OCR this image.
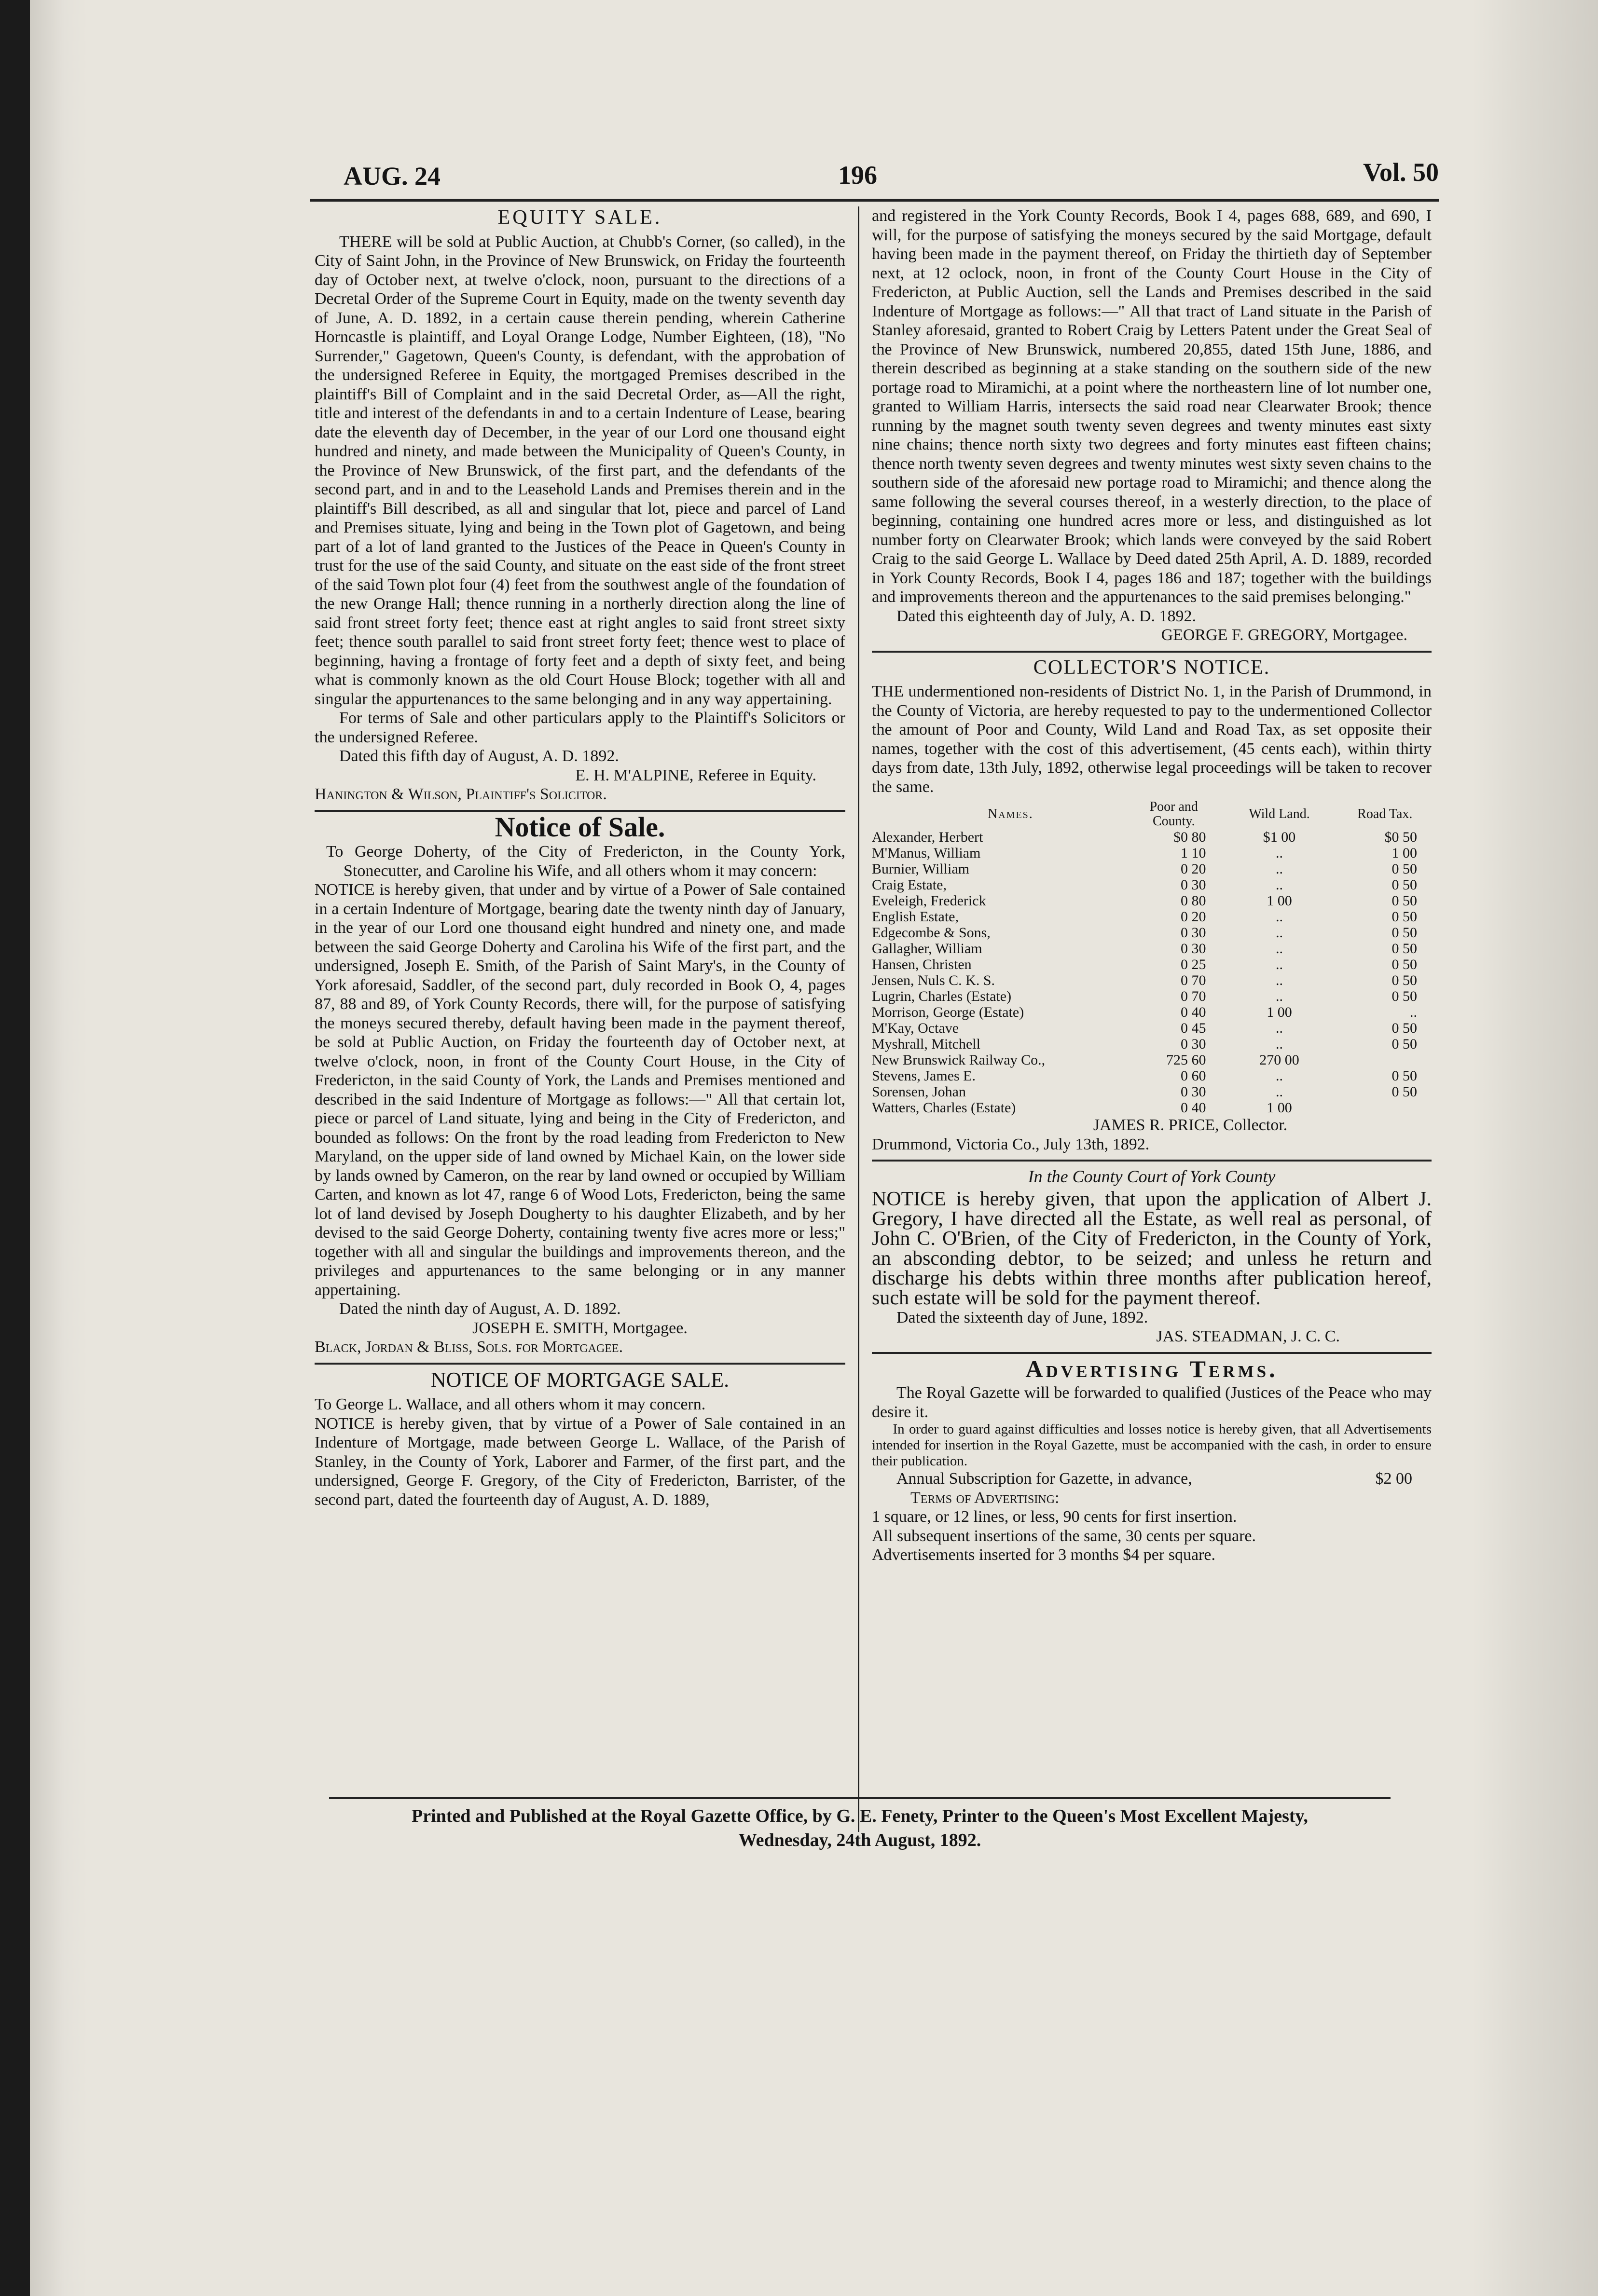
AUG. 24	196	Vol. 50
EQUITY SALE.

THERE will be sold at Public Auction, at Chubb's Corner, (so called), in the City of Saint John, in the Province of New Brunswick, on Friday the fourteenth day of October next, at twelve o'clock, noon, pursuant to the directions of a Decretal Order of the Supreme Court in Equity, made on the twenty seventh day of June, A. D. 1892, in a certain cause therein pending, wherein Catherine Horncastle is plaintiff, and Loyal Orange Lodge, Number Eighteen, (18), "No Surrender," Gagetown, Queen's County, is defendant, with the approbation of the undersigned Referee in Equity, the mortgaged Premises described in the plaintiff's Bill of Complaint and in the said Decretal Order, as—All the right, title and interest of the defendants in and to a certain Indenture of Lease, bearing date the eleventh day of December, in the year of our Lord one thousand eight hundred and ninety, and made between the Municipality of Queen's County, in the Province of New Brunswick, of the first part, and the defendants of the second part, and in and to the Leasehold Lands and Premises therein and in the plaintiff's Bill described, as all and singular that lot, piece and parcel of Land and Premises situate, lying and being in the Town plot of Gagetown, and being part of a lot of land granted to the Justices of the Peace in Queen's County in trust for the use of the said County, and situate on the east side of the front street of the said Town plot four (4) feet from the southwest angle of the foundation of the new Orange Hall; thence running in a northerly direction along the line of said front street forty feet; thence east at right angles to said front street sixty feet; thence south parallel to said front street forty feet; thence west to place of beginning, having a frontage of forty feet and a depth of sixty feet, and being what is commonly known as the old Court House Block; together with all and singular the appurtenances to the same belonging and in any way appertaining.

For terms of Sale and other particulars apply to the Plaintiff's Solicitors or the undersigned Referee.

Dated this fifth day of August, A. D. 1892.

E. H. M'ALPINE, Referee in Equity.

Hanington & Wilson, Plaintiff's Solicitor.

Notice of Sale.

To George Doherty, of the City of Fredericton, in the County York, Stonecutter, and Caroline his Wife, and all others whom it may concern:

NOTICE is hereby given, that under and by virtue of a Power of Sale contained in a certain Indenture of Mortgage, bearing date the twenty ninth day of January, in the year of our Lord one thousand eight hundred and ninety one, and made between the said George Doherty and Carolina his Wife of the first part, and the undersigned, Joseph E. Smith, of the Parish of Saint Mary's, in the County of York aforesaid, Saddler, of the second part, duly recorded in Book O, 4, pages 87, 88 and 89, of York County Records, there will, for the purpose of satisfying the moneys secured thereby, default having been made in the payment thereof, be sold at Public Auction, on Friday the fourteenth day of October next, at twelve o'clock, noon, in front of the County Court House, in the City of Fredericton, in the said County of York, the Lands and Premises mentioned and described in the said Indenture of Mortgage as follows:—" All that certain lot, piece or parcel of Land situate, lying and being in the City of Fredericton, and bounded as follows: On the front by the road leading from Fredericton to New Maryland, on the upper side of land owned by Michael Kain, on the lower side by lands owned by Cameron, on the rear by land owned or occupied by William Carten, and known as lot 47, range 6 of Wood Lots, Fredericton, being the same lot of land devised by Joseph Dougherty to his daughter Elizabeth, and by her devised to the said George Doherty, containing twenty five acres more or less;" together with all and singular the buildings and improvements thereon, and the privileges and appurtenances to the same belonging or in any manner appertaining.

Dated the ninth day of August, A. D. 1892.

JOSEPH E. SMITH, Mortgagee.

Black, Jordan & Bliss, Sols. for Mortgagee.

NOTICE OF MORTGAGE SALE.

To George L. Wallace, and all others whom it may concern.

NOTICE is hereby given, that by virtue of a Power of Sale contained in an Indenture of Mortgage, made between George L. Wallace, of the Parish of Stanley, in the County of York, Laborer and Farmer, of the first part, and the undersigned, George F. Gregory, of the City of Fredericton, Barrister, of the second part, dated the fourteenth day of August, A. D. 1889,

and registered in the York County Records, Book I 4, pages 688, 689, and 690, I will, for the purpose of satisfying the moneys secured by the said Mortgage, default having been made in the payment thereof, on Friday the thirtieth day of September next, at 12 oclock, noon, in front of the County Court House in the City of Fredericton, at Public Auction, sell the Lands and Premises described in the said Indenture of Mortgage as follows:—" All that tract of Land situate in the Parish of Stanley aforesaid, granted to Robert Craig by Letters Patent under the Great Seal of the Province of New Brunswick, numbered 20,855, dated 15th June, 1886, and therein described as beginning at a stake standing on the southern side of the new portage road to Miramichi, at a point where the northeastern line of lot number one, granted to William Harris, intersects the said road near Clearwater Brook; thence running by the magnet south twenty seven degrees and twenty minutes east sixty nine chains; thence north sixty two degrees and forty minutes east fifteen chains; thence north twenty seven degrees and twenty minutes west sixty seven chains to the southern side of the aforesaid new portage road to Miramichi; and thence along the same following the several courses thereof, in a westerly direction, to the place of beginning, containing one hundred acres more or less, and distinguished as lot number forty on Clearwater Brook; which lands were conveyed by the said Robert Craig to the said George L. Wallace by Deed dated 25th April, A. D. 1889, recorded in York County Records, Book I 4, pages 186 and 187; together with the buildings and improvements thereon and the appurtenances to the said premises belonging."

Dated this eighteenth day of July, A. D. 1892.

GEORGE F. GREGORY, Mortgagee.

COLLECTOR'S NOTICE.

THE undermentioned non-residents of District No. 1, in the Parish of Drummond, in the County of Victoria, are hereby requested to pay to the undermentioned Collector the amount of Poor and County, Wild Land and Road Tax, as set opposite their names, together with the cost of this advertisement, (45 cents each), within thirty days from date, 13th July, 1892, otherwise legal proceedings will be taken to recover the same.

Names.	Poor and County.	Wild Land.	Road Tax.
Alexander, Herbert	$0 80	$1 00	$0 50
M'Manus, William	1 10	..	1 00
Burnier, William	0 20	..	0 50
Craig Estate,	0 30	..	0 50
Eveleigh, Frederick	0 80	1 00	0 50
English Estate,	0 20	..	0 50
Edgecombe & Sons,	0 30	..	0 50
Gallagher, William	0 30	..	0 50
Hansen, Christen	0 25	..	0 50
Jensen, Nuls C. K. S.	0 70	..	0 50
Lugrin, Charles (Estate)	0 70	..	0 50
Morrison, George (Estate)	0 40	1 00	..
M'Kay, Octave	0 45	..	0 50
Myshrall, Mitchell	0 30	..	0 50
New Brunswick Railway Co.,	725 60	270 00	
Stevens, James E.	0 60	..	0 50
Sorensen, Johan	0 30	..	0 50
Watters, Charles (Estate)	0 40	1 00	

JAMES R. PRICE, Collector.

Drummond, Victoria Co., July 13th, 1892.

In the County Court of York County

NOTICE is hereby given, that upon the application of Albert J. Gregory, I have directed all the Estate, as well real as personal, of John C. O'Brien, of the City of Fredericton, in the County of York, an absconding debtor, to be seized; and unless he return and discharge his debts within three months after publication hereof, such estate will be sold for the payment thereof.

Dated the sixteenth day of June, 1892.

JAS. STEADMAN, J. C. C.

Advertising Terms.

The Royal Gazette will be forwarded to qualified (Justices of the Peace who may desire it.

In order to guard against difficulties and losses notice is hereby given, that all Advertisements intended for insertion in the Royal Gazette, must be accompanied with the cash, in order to ensure their publication.

Annual Subscription for Gazette, in advance,	$2 00

Terms of Advertising:

1 square, or 12 lines, or less, 90 cents for first insertion.

All subsequent insertions of the same, 30 cents per square.

Advertisements inserted for 3 months $4 per square.

Printed and Published at the Royal Gazette Office, by G. E. Fenety, Printer to the Queen's Most Excellent Majesty,
Wednesday, 24th August, 1892.
